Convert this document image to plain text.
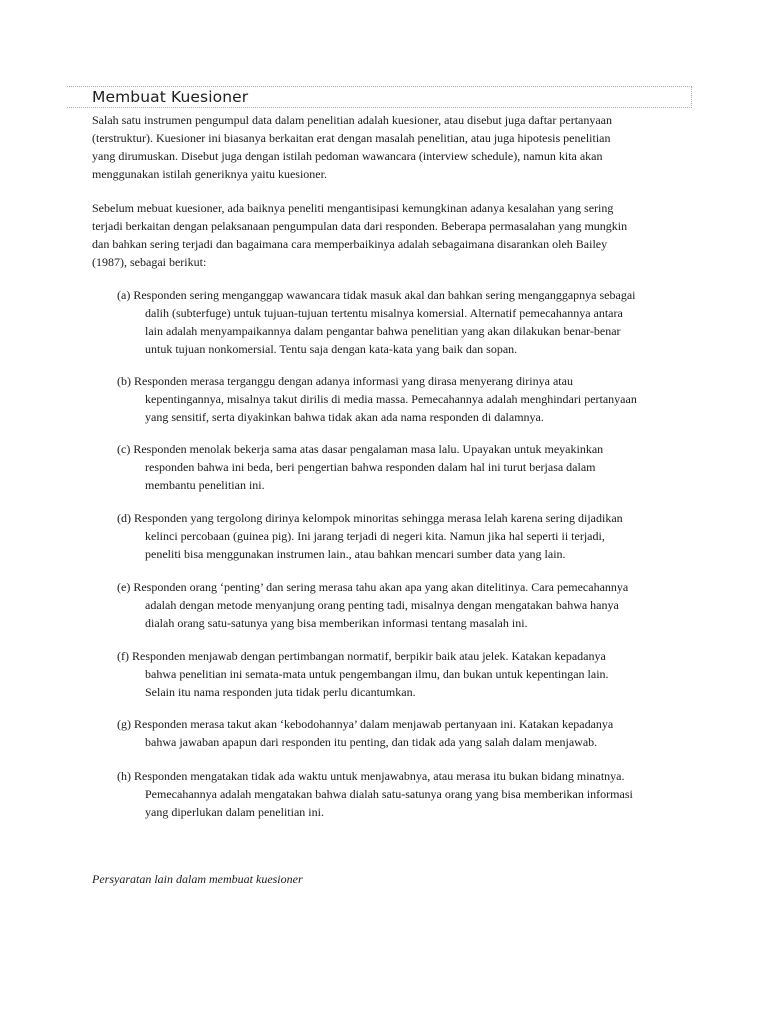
Membuat Kuesioner

Salah satu instrumen pengumpul data dalam penelitian adalah kuesioner, atau disebut juga daftar pertanyaan
(terstruktur). Kuesioner ini biasanya berkaitan erat dengan masalah penelitian, atau juga hipotesis penelitian
yang dirumuskan. Disebut juga dengan istilah pedoman wawancara (interview schedule), namun kita akan
menggunakan istilah generiknya yaitu kuesioner.

Sebelum mebuat kuesioner, ada baiknya peneliti mengantisipasi kemungkinan adanya kesalahan yang sering
terjadi berkaitan dengan pelaksanaan pengumpulan data dari responden. Beberapa permasalahan yang mungkin
dan bahkan sering terjadi dan bagaimana cara memperbaikinya adalah sebagaimana disarankan oleh Bailey
(1987), sebagai berikut:

(a) Responden sering menganggap wawancara tidak masuk akal dan bahkan sering menganggapnya sebagai
dalih (subterfuge) untuk tujuan-tujuan tertentu misalnya komersial. Alternatif pemecahannya antara
lain adalah menyampaikannya dalam pengantar bahwa penelitian yang akan dilakukan benar-benar
untuk tujuan nonkomersial. Tentu saja dengan kata-kata yang baik dan sopan.

(b) Responden merasa terganggu dengan adanya informasi yang dirasa menyerang dirinya atau
kepentingannya, misalnya takut dirilis di media massa. Pemecahannya adalah menghindari pertanyaan
yang sensitif, serta diyakinkan bahwa tidak akan ada nama responden di dalamnya.

(c) Responden menolak bekerja sama atas dasar pengalaman masa lalu. Upayakan untuk meyakinkan
responden bahwa ini beda, beri pengertian bahwa responden dalam hal ini turut berjasa dalam
membantu penelitian ini.

(d) Responden yang tergolong dirinya kelompok minoritas sehingga merasa lelah karena sering dijadikan
kelinci percobaan (guinea pig). Ini jarang terjadi di negeri kita. Namun jika hal seperti ii terjadi,
peneliti bisa menggunakan instrumen lain., atau bahkan mencari sumber data yang lain.

(e) Responden orang ‘penting’ dan sering merasa tahu akan apa yang akan ditelitinya. Cara pemecahannya
adalah dengan metode menyanjung orang penting tadi, misalnya dengan mengatakan bahwa hanya
dialah orang satu-satunya yang bisa memberikan informasi tentang masalah ini.

(f) Responden menjawab dengan pertimbangan normatif, berpikir baik atau jelek. Katakan kepadanya
bahwa penelitian ini semata-mata untuk pengembangan ilmu, dan bukan untuk kepentingan lain.
Selain itu nama responden juta tidak perlu dicantumkan.

(g) Responden merasa takut akan ‘kebodohannya’ dalam menjawab pertanyaan ini. Katakan kepadanya
bahwa jawaban apapun dari responden itu penting, dan tidak ada yang salah dalam menjawab.

(h) Responden mengatakan tidak ada waktu untuk menjawabnya, atau merasa itu bukan bidang minatnya.
Pemecahannya adalah mengatakan bahwa dialah satu-satunya orang yang bisa memberikan informasi
yang diperlukan dalam penelitian ini.

Persyaratan lain dalam membuat kuesioner
